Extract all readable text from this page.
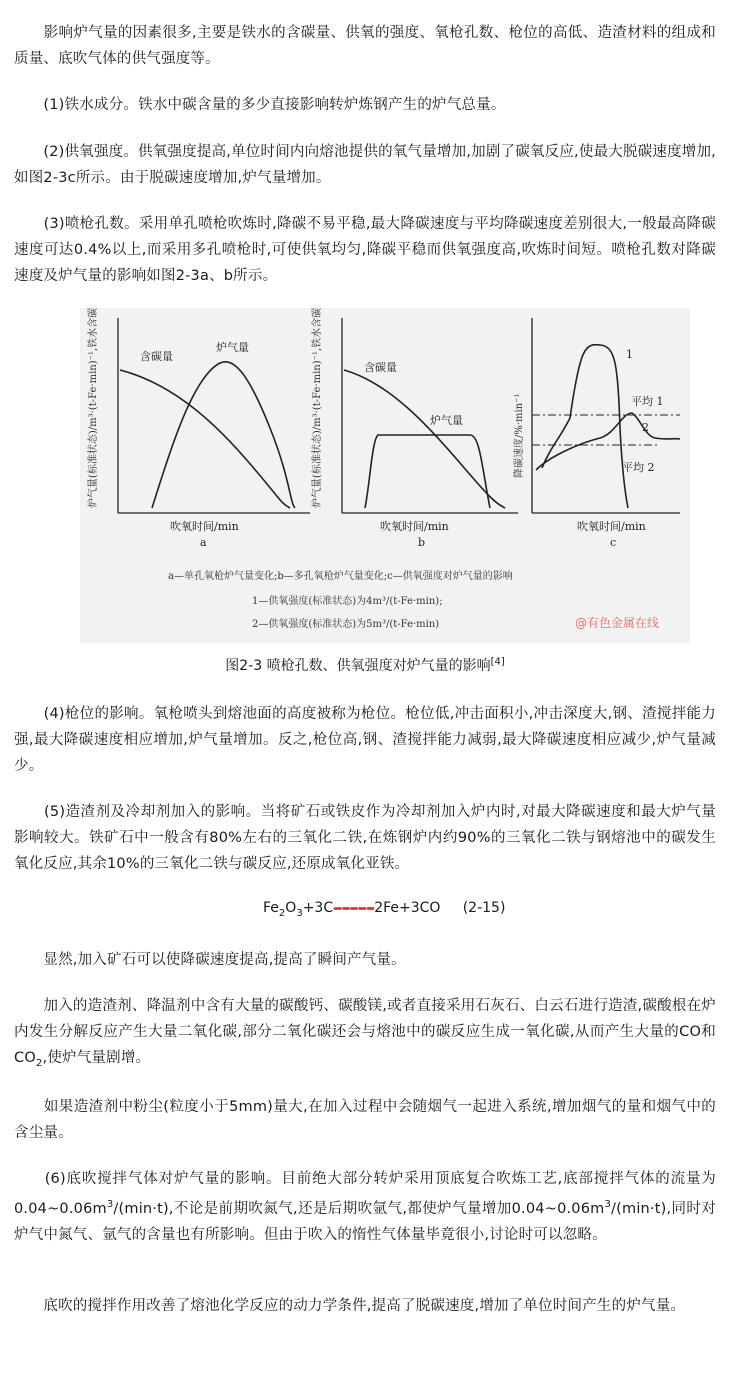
　　影响炉气量的因素很多,主要是铁水的含碳量、供氧的强度、氧枪孔数、枪位的高低、造渣材料的组成和质量、底吹气体的供气强度等。

　　(1)铁水成分。铁水中碳含量的多少直接影响转炉炼钢产生的炉气总量。

　　(2)供氧强度。供氧强度提高,单位时间内向熔池提供的氧气量增加,加剧了碳氧反应,使最大脱碳速度增加,如图2-3c所示。由于脱碳速度增加,炉气量增加。

　　(3)喷枪孔数。采用单孔喷枪吹炼时,降碳不易平稳,最大降碳速度与平均降碳速度差别很大,一般最高降碳速度可达0.4%以上,而采用多孔喷枪时,可使供氧均匀,降碳平稳而供氧强度高,吹炼时间短。喷枪孔数对降碳速度及炉气量的影响如图2-3a、b所示。

含碳量
炉气量
吹氧时间/min
a
炉气量(标准状态)/m³·(t-Fe·min)⁻¹,铁水含碳量/%	含碳量
炉气量
吹氧时间/min
b
炉气量(标准状态)/m³·(t-Fe·min)⁻¹,铁水含碳量/%	1
2
平均 1
平均 2
吹氧时间/min
c
降碳速度/%·min⁻¹
a—单孔氧枪炉气量变化;b—多孔氧枪炉气量变化;c—供氧强度对炉气量的影响
1—供氧强度(标准状态)为4m³/(t-Fe·min);
2—供氧强度(标准状态)为5m³/(t-Fe·min)	@有色金属在线
图2-3 喷枪孔数、供氧强度对炉气量的影响[4]

　　(4)枪位的影响。氧枪喷头到熔池面的高度被称为枪位。枪位低,冲击面积小,冲击深度大,钢、渣搅拌能力强,最大降碳速度相应增加,炉气量增加。反之,枪位高,钢、渣搅拌能力减弱,最大降碳速度相应减少,炉气量减少。

　　(5)造渣剂及冷却剂加入的影响。当将矿石或铁皮作为冷却剂加入炉内时,对最大降碳速度和最大炉气量影响较大。铁矿石中一般含有80%左右的三氧化二铁,在炼钢炉内约90%的三氧化二铁与钢熔池中的碳发生氧化反应,其余10%的三氧化二铁与碳反应,还原成氧化亚铁。

$Fe_2O_3+3C=====2Fe+3CO$ (2-15)

　　显然,加入矿石可以使降碳速度提高,提高了瞬间产气量。

　　加入的造渣剂、降温剂中含有大量的碳酸钙、碳酸镁,或者直接采用石灰石、白云石进行造渣,碳酸根在炉内发生分解反应产生大量二氧化碳,部分二氧化碳还会与熔池中的碳反应生成一氧化碳,从而产生大量的CO和$CO_2$,使炉气量剧增。

　　如果造渣剂中粉尘(粒度小于5mm)量大,在加入过程中会随烟气一起进入系统,增加烟气的量和烟气中的含尘量。

　　(6)底吹搅拌气体对炉气量的影响。目前绝大部分转炉采用顶底复合吹炼工艺,底部搅拌气体的流量为$0.04\sim 0.06m^3/(\min\cdot t)$,不论是前期吹氮气,还是后期吹氩气,都使炉气量增加$0.04\sim 0.06m^3/(\min\cdot t)$,同时对炉气中氮气、氩气的含量也有所影响。但由于吹入的惰性气体量毕竟很小,讨论时可以忽略。

　　底吹的搅拌作用改善了熔池化学反应的动力学条件,提高了脱碳速度,增加了单位时间产生的炉气量。
